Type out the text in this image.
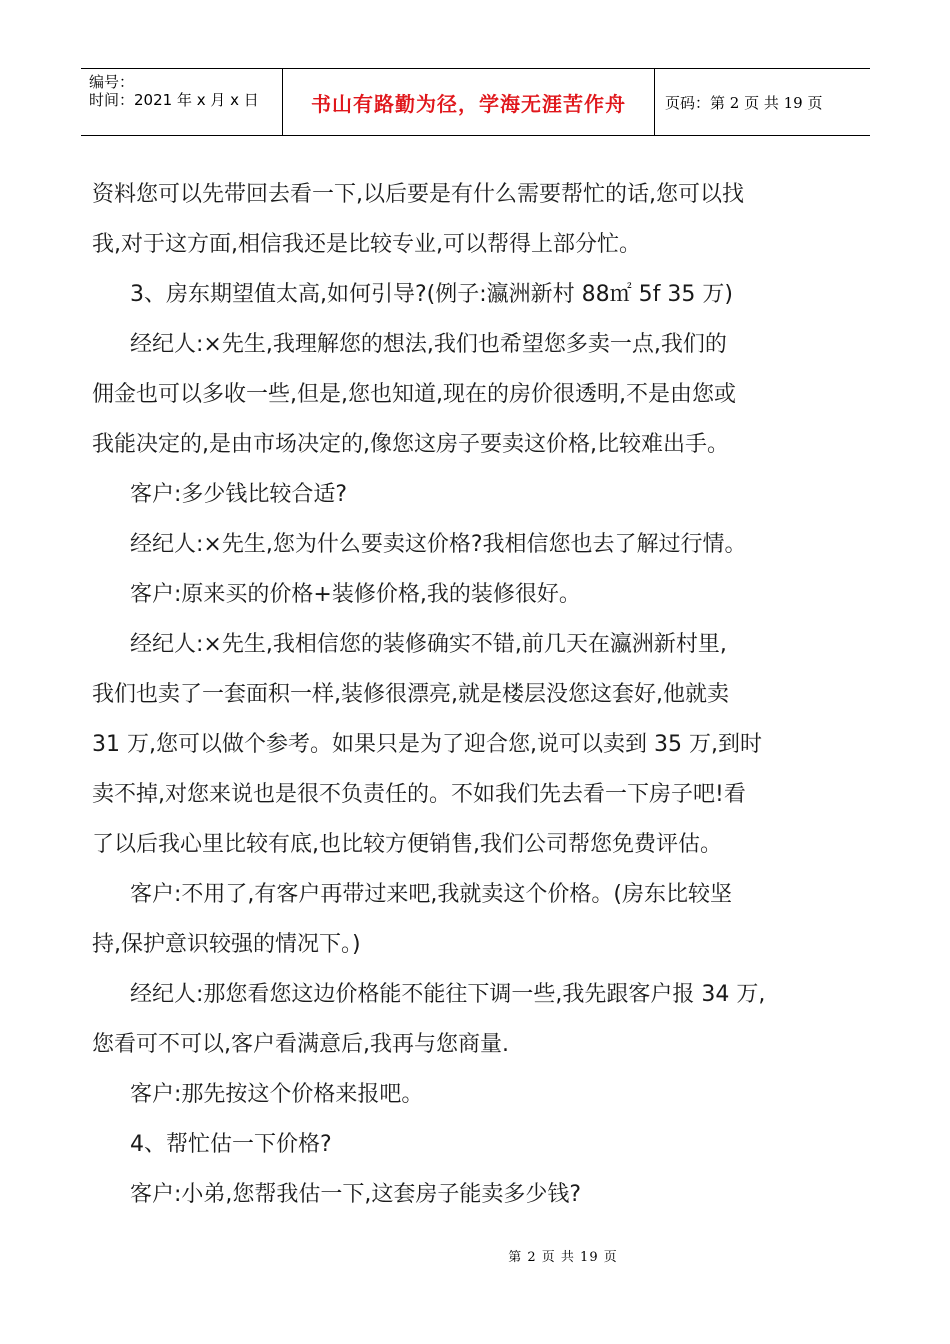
编号：
时间：2021 年 x 月 x 日	书山有路勤为径，学海无涯苦作舟	页码：第 2 页 共 19 页
资料您可以先带回去看一下,以后要是有什么需要帮忙的话,您可以找
我,对于这方面,相信我还是比较专业,可以帮得上部分忙。
3、房东期望值太高,如何引导?(例子:瀛洲新村 88㎡ 5f 35 万)
经纪人:×先生,我理解您的想法,我们也希望您多卖一点,我们的
佣金也可以多收一些,但是,您也知道,现在的房价很透明,不是由您或
我能决定的,是由市场决定的,像您这房子要卖这价格,比较难出手。
客户:多少钱比较合适?
经纪人:×先生,您为什么要卖这价格?我相信您也去了解过行情。
客户:原来买的价格+装修价格,我的装修很好。
经纪人:×先生,我相信您的装修确实不错,前几天在瀛洲新村里,
我们也卖了一套面积一样,装修很漂亮,就是楼层没您这套好,他就卖
31 万,您可以做个参考。如果只是为了迎合您,说可以卖到 35 万,到时
卖不掉,对您来说也是很不负责任的。不如我们先去看一下房子吧!看
了以后我心里比较有底,也比较方便销售,我们公司帮您免费评估。
客户:不用了,有客户再带过来吧,我就卖这个价格。(房东比较坚
持,保护意识较强的情况下。)
经纪人:那您看您这边价格能不能往下调一些,我先跟客户报 34 万,
您看可不可以,客户看满意后,我再与您商量.
客户:那先按这个价格来报吧。
4、帮忙估一下价格?
客户:小弟,您帮我估一下,这套房子能卖多少钱?
第 2 页 共 19 页
